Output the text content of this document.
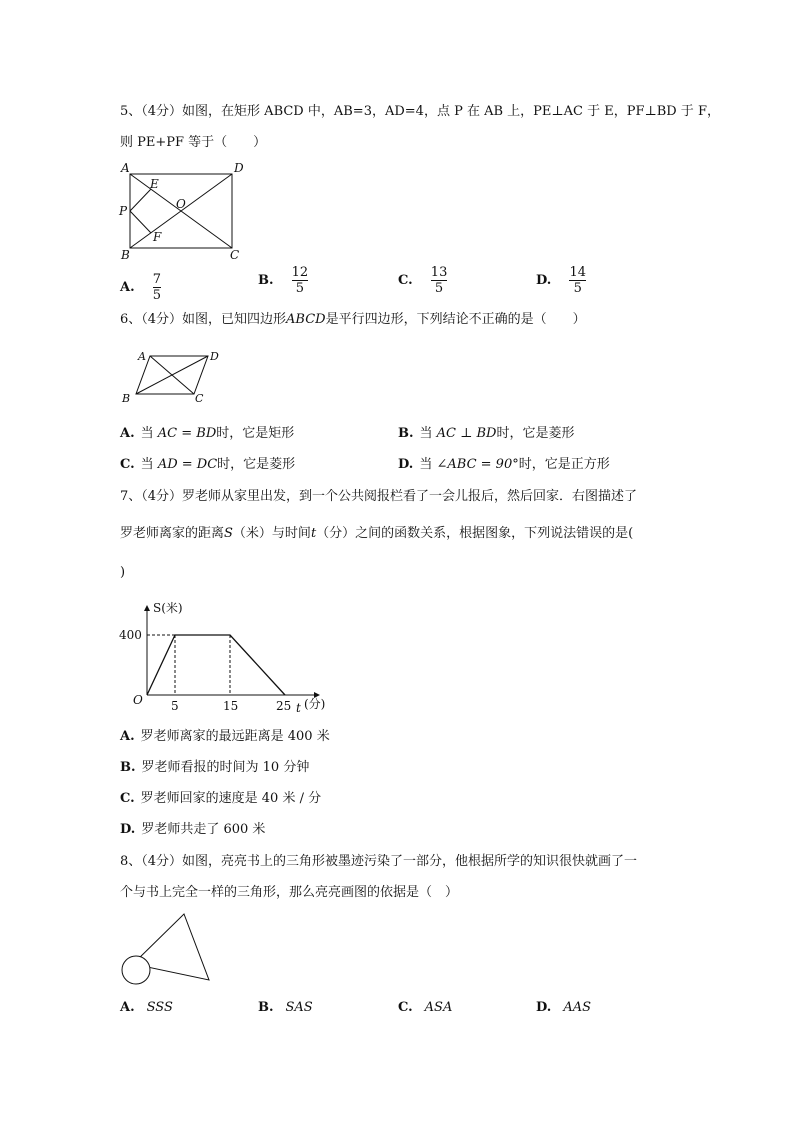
5、（4分）如图，在矩形 ABCD 中，AB=3，AD=4，点 P 在 AB 上，PE⊥AC 于 E，PF⊥BD 于 F，
则 PE+PF 等于（　　）
A	D
B	C
E
F
O
P
A. $\frac{7}{5}$	B. $\frac{12}{5}$	C. $\frac{13}{5}$	D. $\frac{14}{5}$
6、（4分）如图，已知四边形ABCD是平行四边形，下列结论不正确的是（　　）
A	D
B	C
A. 当 AC = BD时，它是矩形	B. 当 AC ⊥ BD时，它是菱形
C. 当 AD = DC时，它是菱形	D. 当 ∠ABC = 90°时，它是正方形
7、（4分）罗老师从家里出发，到一个公共阅报栏看了一会儿报后，然后回家．右图描述了
罗老师离家的距离S（米）与时间t（分）之间的函数关系，根据图象，下列说法错误的是(
)
S(米)
400
O 5	15	25 t (分)
A. 罗老师离家的最远距离是 400 米
B. 罗老师看报的时间为 10 分钟
C. 罗老师回家的速度是 40 米 / 分
D. 罗老师共走了 600 米
8、（4分）如图，亮亮书上的三角形被墨迹污染了一部分，他根据所学的知识很快就画了一
个与书上完全一样的三角形，那么亮亮画图的依据是（　）
A. SSS	B. SAS	C. ASA	D. AAS
